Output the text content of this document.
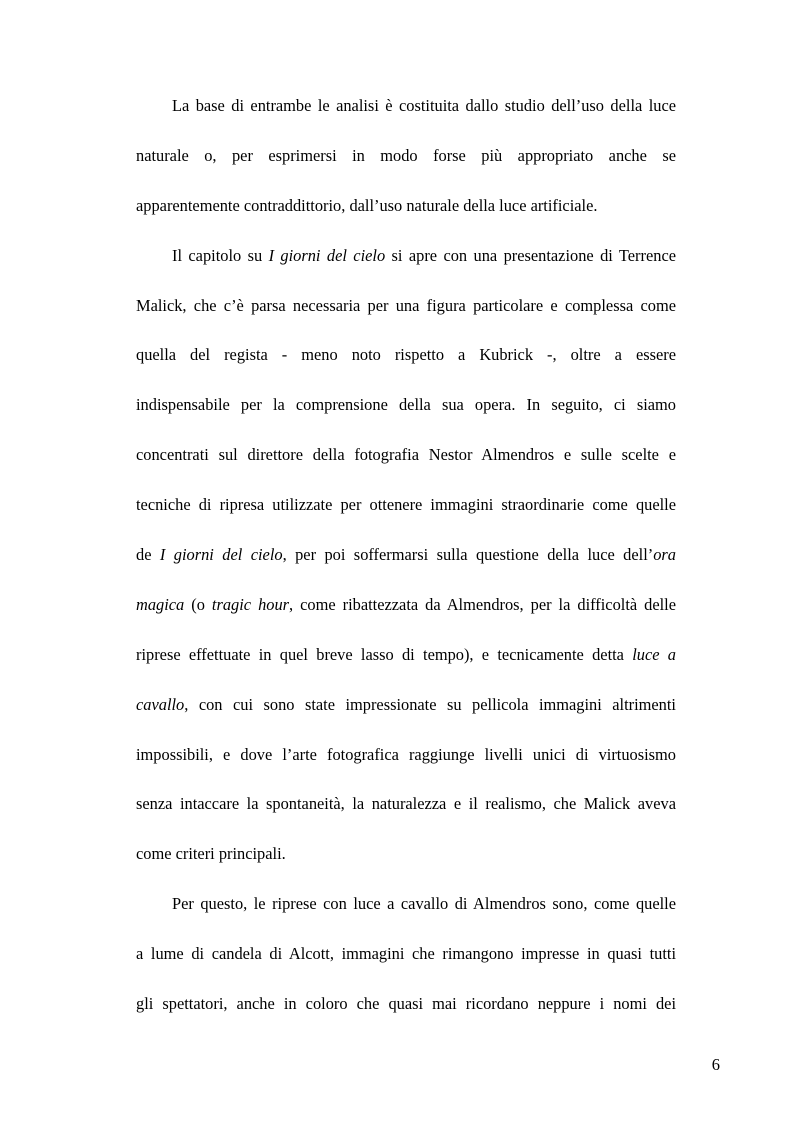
La base di entrambe le analisi è costituita dallo studio dell’uso della luce
naturale o, per esprimersi in modo forse più appropriato anche se
apparentemente contraddittorio, dall’uso naturale della luce artificiale.
Il capitolo su I giorni del cielo si apre con una presentazione di Terrence
Malick, che c’è parsa necessaria per una figura particolare e complessa come
quella del regista - meno noto rispetto a Kubrick -, oltre a essere
indispensabile per la comprensione della sua opera. In seguito, ci siamo
concentrati sul direttore della fotografia Nestor Almendros e sulle scelte e
tecniche di ripresa utilizzate per ottenere immagini straordinarie come quelle
de I giorni del cielo, per poi soffermarsi sulla questione della luce dell’ora
magica (o tragic hour, come ribattezzata da Almendros, per la difficoltà delle
riprese effettuate in quel breve lasso di tempo), e tecnicamente detta luce a
cavallo, con cui sono state impressionate su pellicola immagini altrimenti
impossibili, e dove l’arte fotografica raggiunge livelli unici di virtuosismo
senza intaccare la spontaneità, la naturalezza e il realismo, che Malick aveva
come criteri principali.
Per questo, le riprese con luce a cavallo di Almendros sono, come quelle
a lume di candela di Alcott, immagini che rimangono impresse in quasi tutti
gli spettatori, anche in coloro che quasi mai ricordano neppure i nomi dei
6
